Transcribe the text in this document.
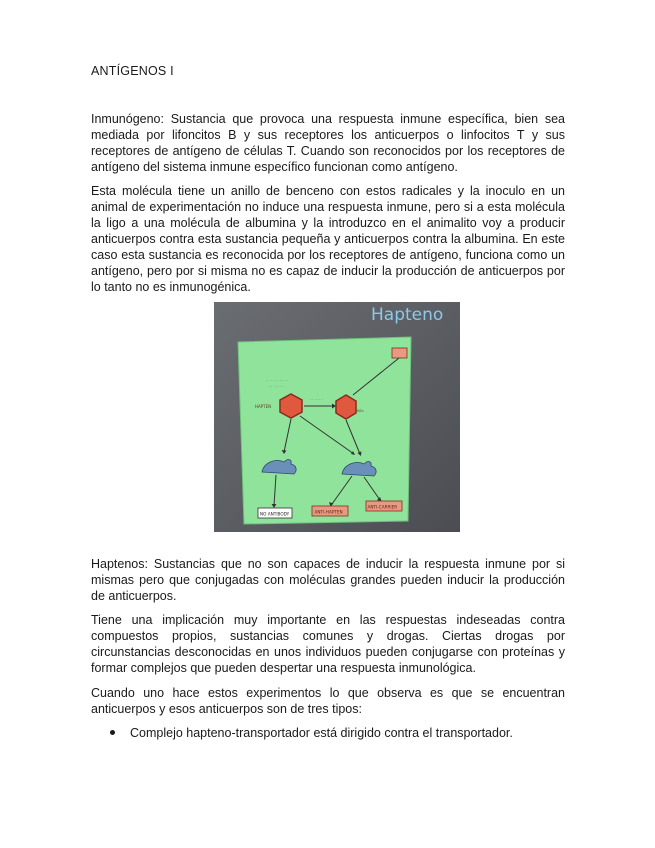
ANTÍGENOS I

Inmunógeno: Sustancia que provoca una respuesta inmune específica, bien sea mediada por lifoncitos B y sus receptores los anticuerpos o linfocitos T y sus receptores de antígeno de células T. Cuando son reconocidos por los receptores de antígeno del sistema inmune específico funcionan como antígeno.

Esta molécula tiene un anillo de benceno con estos radicales y la inoculo en un animal de experimentación no induce una respuesta inmune, pero si a esta molécula la ligo a una molécula de albumina y la introduzco en el animalito voy a producir anticuerpos contra esta sustancia pequeña y anticuerpos contra la albumina. En este caso esta sustancia es reconocida por los receptores de antígeno, funciona como un antígeno, pero por si misma no es capaz de inducir la producción de anticuerpos por lo tanto no es inmunogénica.

Hapteno
· · · · · · · · · ·
· · · · · · ·
HAPTEN
· · · · · ·
NO₂
NO ANTIBODY	ANTI-HAPTEN
ANTI-CARRIER

Haptenos: Sustancias que no son capaces de inducir la respuesta inmune por si mismas pero que conjugadas con moléculas grandes pueden inducir la producción de anticuerpos.

Tiene una implicación muy importante en las respuestas indeseadas contra compuestos propios, sustancias comunes y drogas. Ciertas drogas por circunstancias desconocidas en unos individuos pueden conjugarse con proteínas y formar complejos que pueden despertar una respuesta inmunológica.

Cuando uno hace estos experimentos lo que observa es que se encuentran anticuerpos y esos anticuerpos son de tres tipos:

Complejo hapteno-transportador está dirigido contra el transportador.
